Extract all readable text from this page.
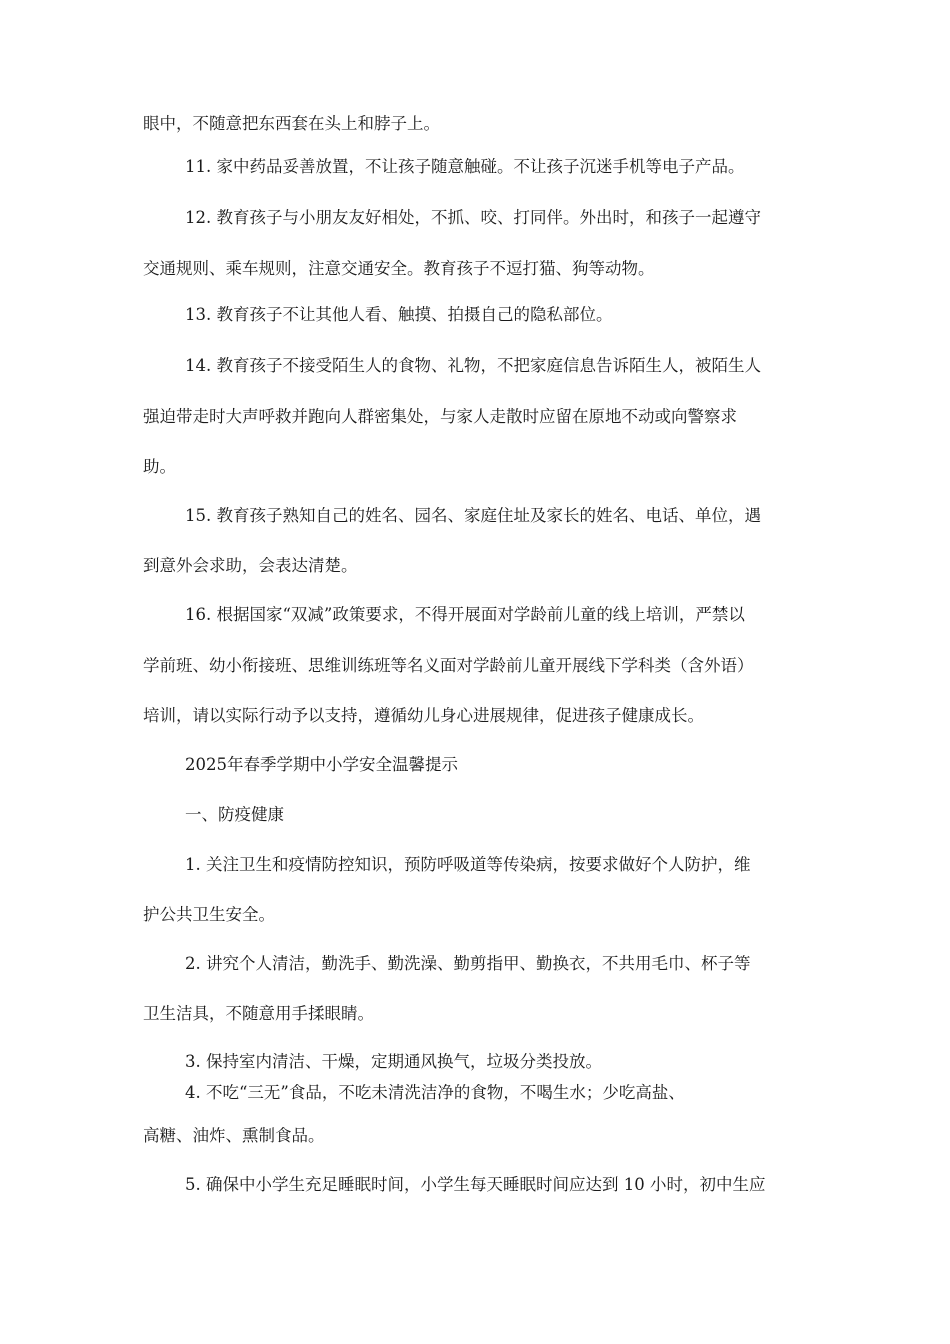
眼中，不随意把东西套在头上和脖子上。

11. 家中药品妥善放置，不让孩子随意触碰。不让孩子沉迷手机等电子产品。

12. 教育孩子与小朋友友好相处，不抓、咬、打同伴。外出时，和孩子一起遵守

交通规则、乘车规则，注意交通安全。教育孩子不逗打猫、狗等动物。

13. 教育孩子不让其他人看、触摸、拍摄自己的隐私部位。

14. 教育孩子不接受陌生人的食物、礼物，不把家庭信息告诉陌生人，被陌生人

强迫带走时大声呼救并跑向人群密集处，与家人走散时应留在原地不动或向警察求

助。

15. 教育孩子熟知自己的姓名、园名、家庭住址及家长的姓名、电话、单位，遇

到意外会求助，会表达清楚。

16. 根据国家“双减”政策要求，不得开展面对学龄前儿童的线上培训，严禁以

学前班、幼小衔接班、思维训练班等名义面对学龄前儿童开展线下学科类（含外语）

培训，请以实际行动予以支持，遵循幼儿身心进展规律，促进孩子健康成长。

2025年春季学期中小学安全温馨提示

一、防疫健康

1. 关注卫生和疫情防控知识，预防呼吸道等传染病，按要求做好个人防护，维

护公共卫生安全。

2. 讲究个人清洁，勤洗手、勤洗澡、勤剪指甲、勤换衣，不共用毛巾、杯子等

卫生洁具，不随意用手揉眼睛。

3. 保持室内清洁、干燥，定期通风换气，垃圾分类投放。

4. 不吃“三无”食品，不吃未清洗洁净的食物，不喝生水；少吃高盐、

高糖、油炸、熏制食品。

5. 确保中小学生充足睡眠时间，小学生每天睡眠时间应达到 10 小时，初中生应
